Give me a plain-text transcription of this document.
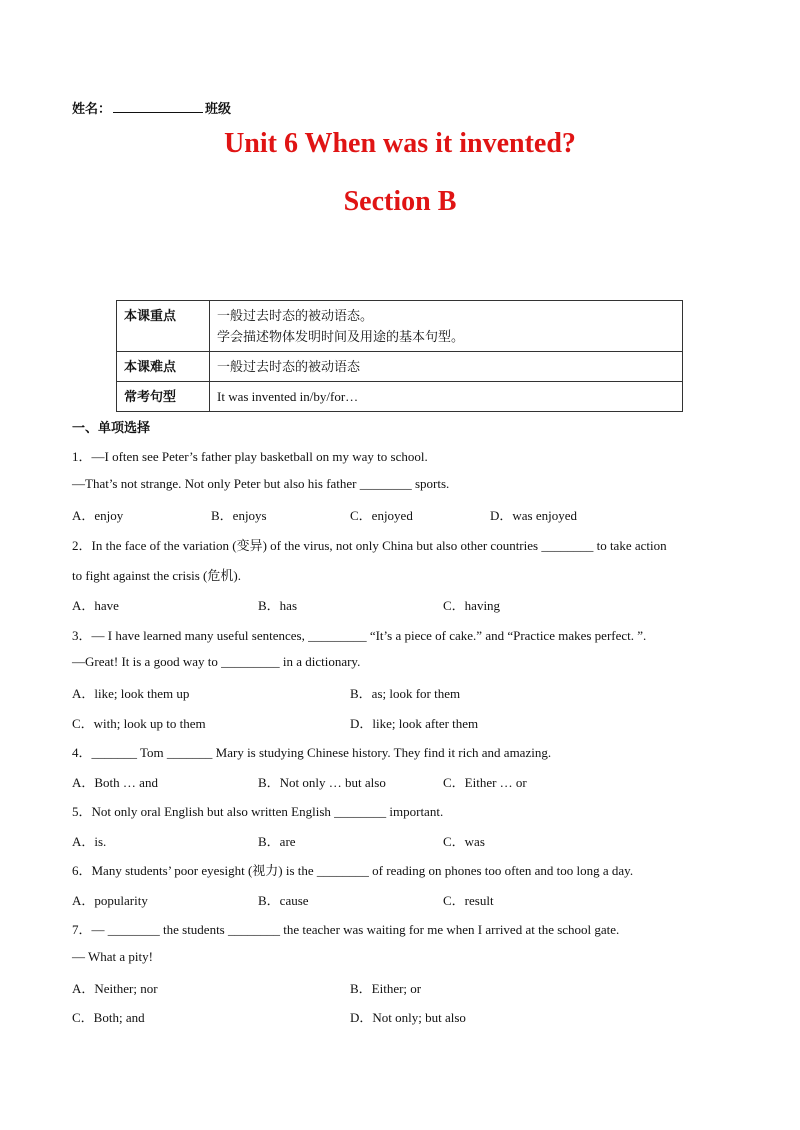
姓名：	班级
Unit 6 When was it invented?
Section B
本课重点	一般过去时态的被动语态。
学会描述物体发明时间及用途的基本句型。

本课难点	一般过去时态的被动语态

常考句型	It was invented in/by/for…
一、单项选择
1．—I often see Peter’s father play basketball on my way to school.
—That’s not strange. Not only Peter but also his father ________ sports.
A．enjoy	B．enjoys	C．enjoyed	D．was enjoyed
2．In the face of the variation (变异) of the virus, not only China but also other countries ________ to take action
to fight against the crisis (危机).
A．have	B．has	C．having
3．— I have learned many useful sentences, _________ “It’s a piece of cake.” and “Practice makes perfect. ”.
—Great! It is a good way to _________ in a dictionary.
A．like; look them up	B．as; look for them
C．with; look up to them	D．like; look after them
4．_______ Tom _______ Mary is studying Chinese history. They find it rich and amazing.
A．Both … and	B．Not only … but also	C．Either … or
5．Not only oral English but also written English ________ important.
A．is.	B．are	C．was
6．Many students’ poor eyesight (视力) is the ________ of reading on phones too often and too long a day.
A．popularity	B．cause	C．result
7．— ________ the students ________ the teacher was waiting for me when I arrived at the school gate.
— What a pity!
A．Neither; nor	B．Either; or
C．Both; and	D．Not only; but also
